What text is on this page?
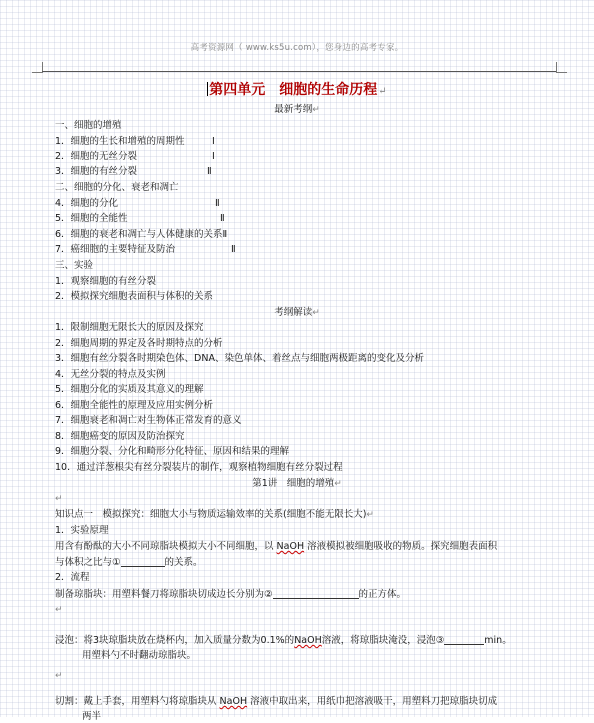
高考资源网（ www.ks5u.com），您身边的高考专家。
第四单元　细胞的生命历程↵
最新考纲↵
一、细胞的增殖
1．细胞的生长和增殖的周期性	Ⅰ
2．细胞的无丝分裂	Ⅰ
3．细胞的有丝分裂	Ⅱ
二、细胞的分化、衰老和凋亡
4．细胞的分化	Ⅱ
5．细胞的全能性	Ⅱ
6．细胞的衰老和凋亡与人体健康的关系Ⅱ
7．癌细胞的主要特征及防治	Ⅱ
三、实验
1．观察细胞的有丝分裂
2．模拟探究细胞表面积与体积的关系
考纲解读↵
1．限制细胞无限长大的原因及探究
2．细胞周期的界定及各时期特点的分析
3．细胞有丝分裂各时期染色体、DNA、染色单体、着丝点与细胞两极距离的变化及分析
4．无丝分裂的特点及实例
5．细胞分化的实质及其意义的理解
6．细胞全能性的原理及应用实例分析
7．细胞衰老和凋亡对生物体正常发育的意义
8．细胞癌变的原因及防治探究
9．细胞分裂、分化和畸形分化特征、原因和结果的理解
10．通过洋葱根尖有丝分裂装片的制作，观察植物细胞有丝分裂过程
第1讲　细胞的增殖↵
↵
知识点一　模拟探究：细胞大小与物质运输效率的关系(细胞不能无限长大)↵
1．实验原理
用含有酚酞的大小不同琼脂块模拟大小不同细胞，以 NaOH 溶液模拟被细胞吸收的物质。探究细胞表面积
与体积之比与①	的关系。
2．流程
制备琼脂块：用塑料餐刀将琼脂块切成边长分别为②	的正方体。
↵
浸泡：将3块琼脂块放在烧杯内，加入质量分数为0.1%的NaOH溶液，将琼脂块淹没，浸泡③	min。
用塑料勺不时翻动琼脂块。
↵
切割：戴上手套，用塑料勺将琼脂块从 NaOH 溶液中取出来，用纸巾把溶液吸干，用塑料刀把琼脂块切成
两半
